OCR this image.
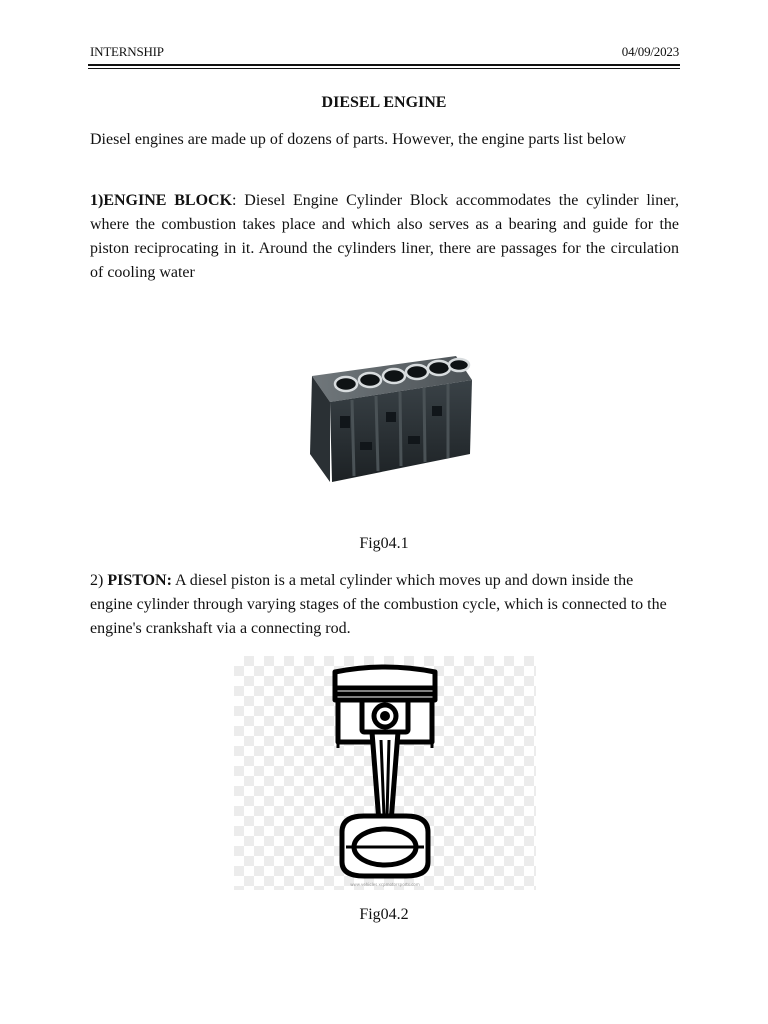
INTERNSHIP	04/09/2023
DIESEL ENGINE
Diesel engines are made up of dozens of parts. However, the engine parts list below
1)ENGINE BLOCK: Diesel Engine Cylinder Block accommodates the cylinder liner, where the combustion takes place and which also serves as a bearing and guide for the piston reciprocating in it. Around the cylinders liner, there are passages for the circulation of cooling water
Fig04.1
2) PISTON: A diesel piston is a metal cylinder which moves up and down inside the engine cylinder through varying stages of the combustion cycle, which is connected to the engine's crankshaft via a connecting rod.
www.vehicles.xcpmotorsports.com
Fig04.2
